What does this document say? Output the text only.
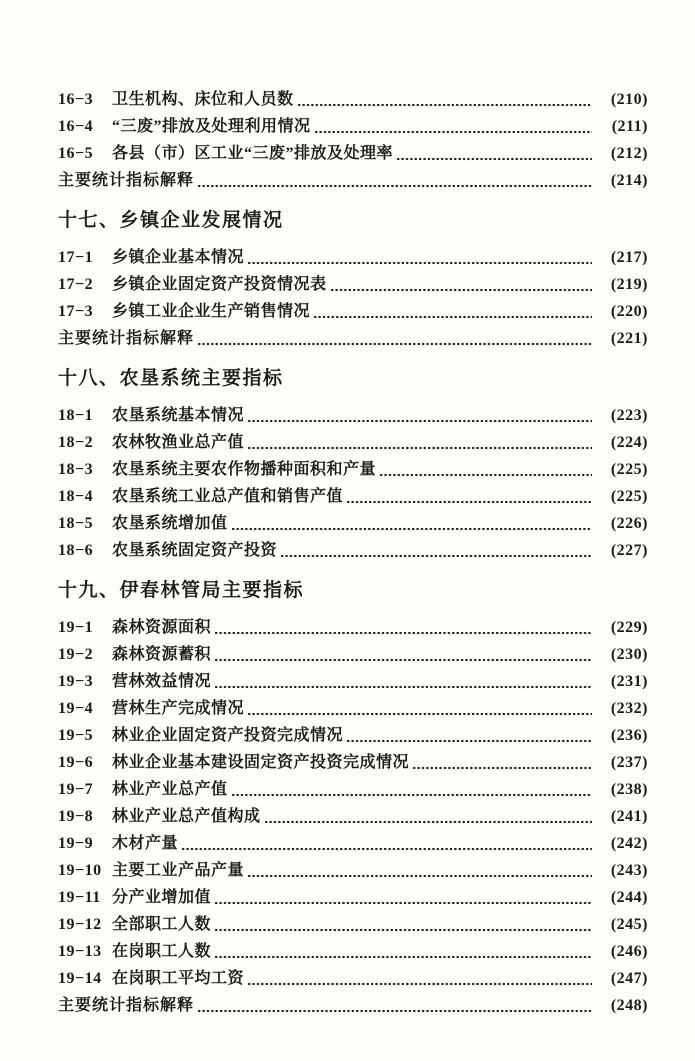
16−3	卫生机构、床位和人员数	(210)
16−4	“三废”排放及处理利用情况	(211)
16−5	各县（市）区工业“三废”排放及处理率	(212)
主要统计指标解释	(214)
十七、乡镇企业发展情况
17−1	乡镇企业基本情况	(217)
17−2	乡镇企业固定资产投资情况表	(219)
17−3	乡镇工业企业生产销售情况	(220)
主要统计指标解释	(221)
十八、农垦系统主要指标
18−1	农垦系统基本情况	(223)
18−2	农林牧渔业总产值	(224)
18−3	农垦系统主要农作物播种面积和产量	(225)
18−4	农垦系统工业总产值和销售产值	(225)
18−5	农垦系统增加值	(226)
18−6	农垦系统固定资产投资	(227)
十九、伊春林管局主要指标
19−1	森林资源面积	(229)
19−2	森林资源蓄积	(230)
19−3	营林效益情况	(231)
19−4	营林生产完成情况	(232)
19−5	林业企业固定资产投资完成情况	(236)
19−6	林业企业基本建设固定资产投资完成情况	(237)
19−7	林业产业总产值	(238)
19−8	林业产业总产值构成	(241)
19−9	木材产量	(242)
19−10 主要工业产品产量	(243)
19−11 分产业增加值	(244)
19−12 全部职工人数	(245)
19−13 在岗职工人数	(246)
19−14 在岗职工平均工资	(247)
主要统计指标解释	(248)
